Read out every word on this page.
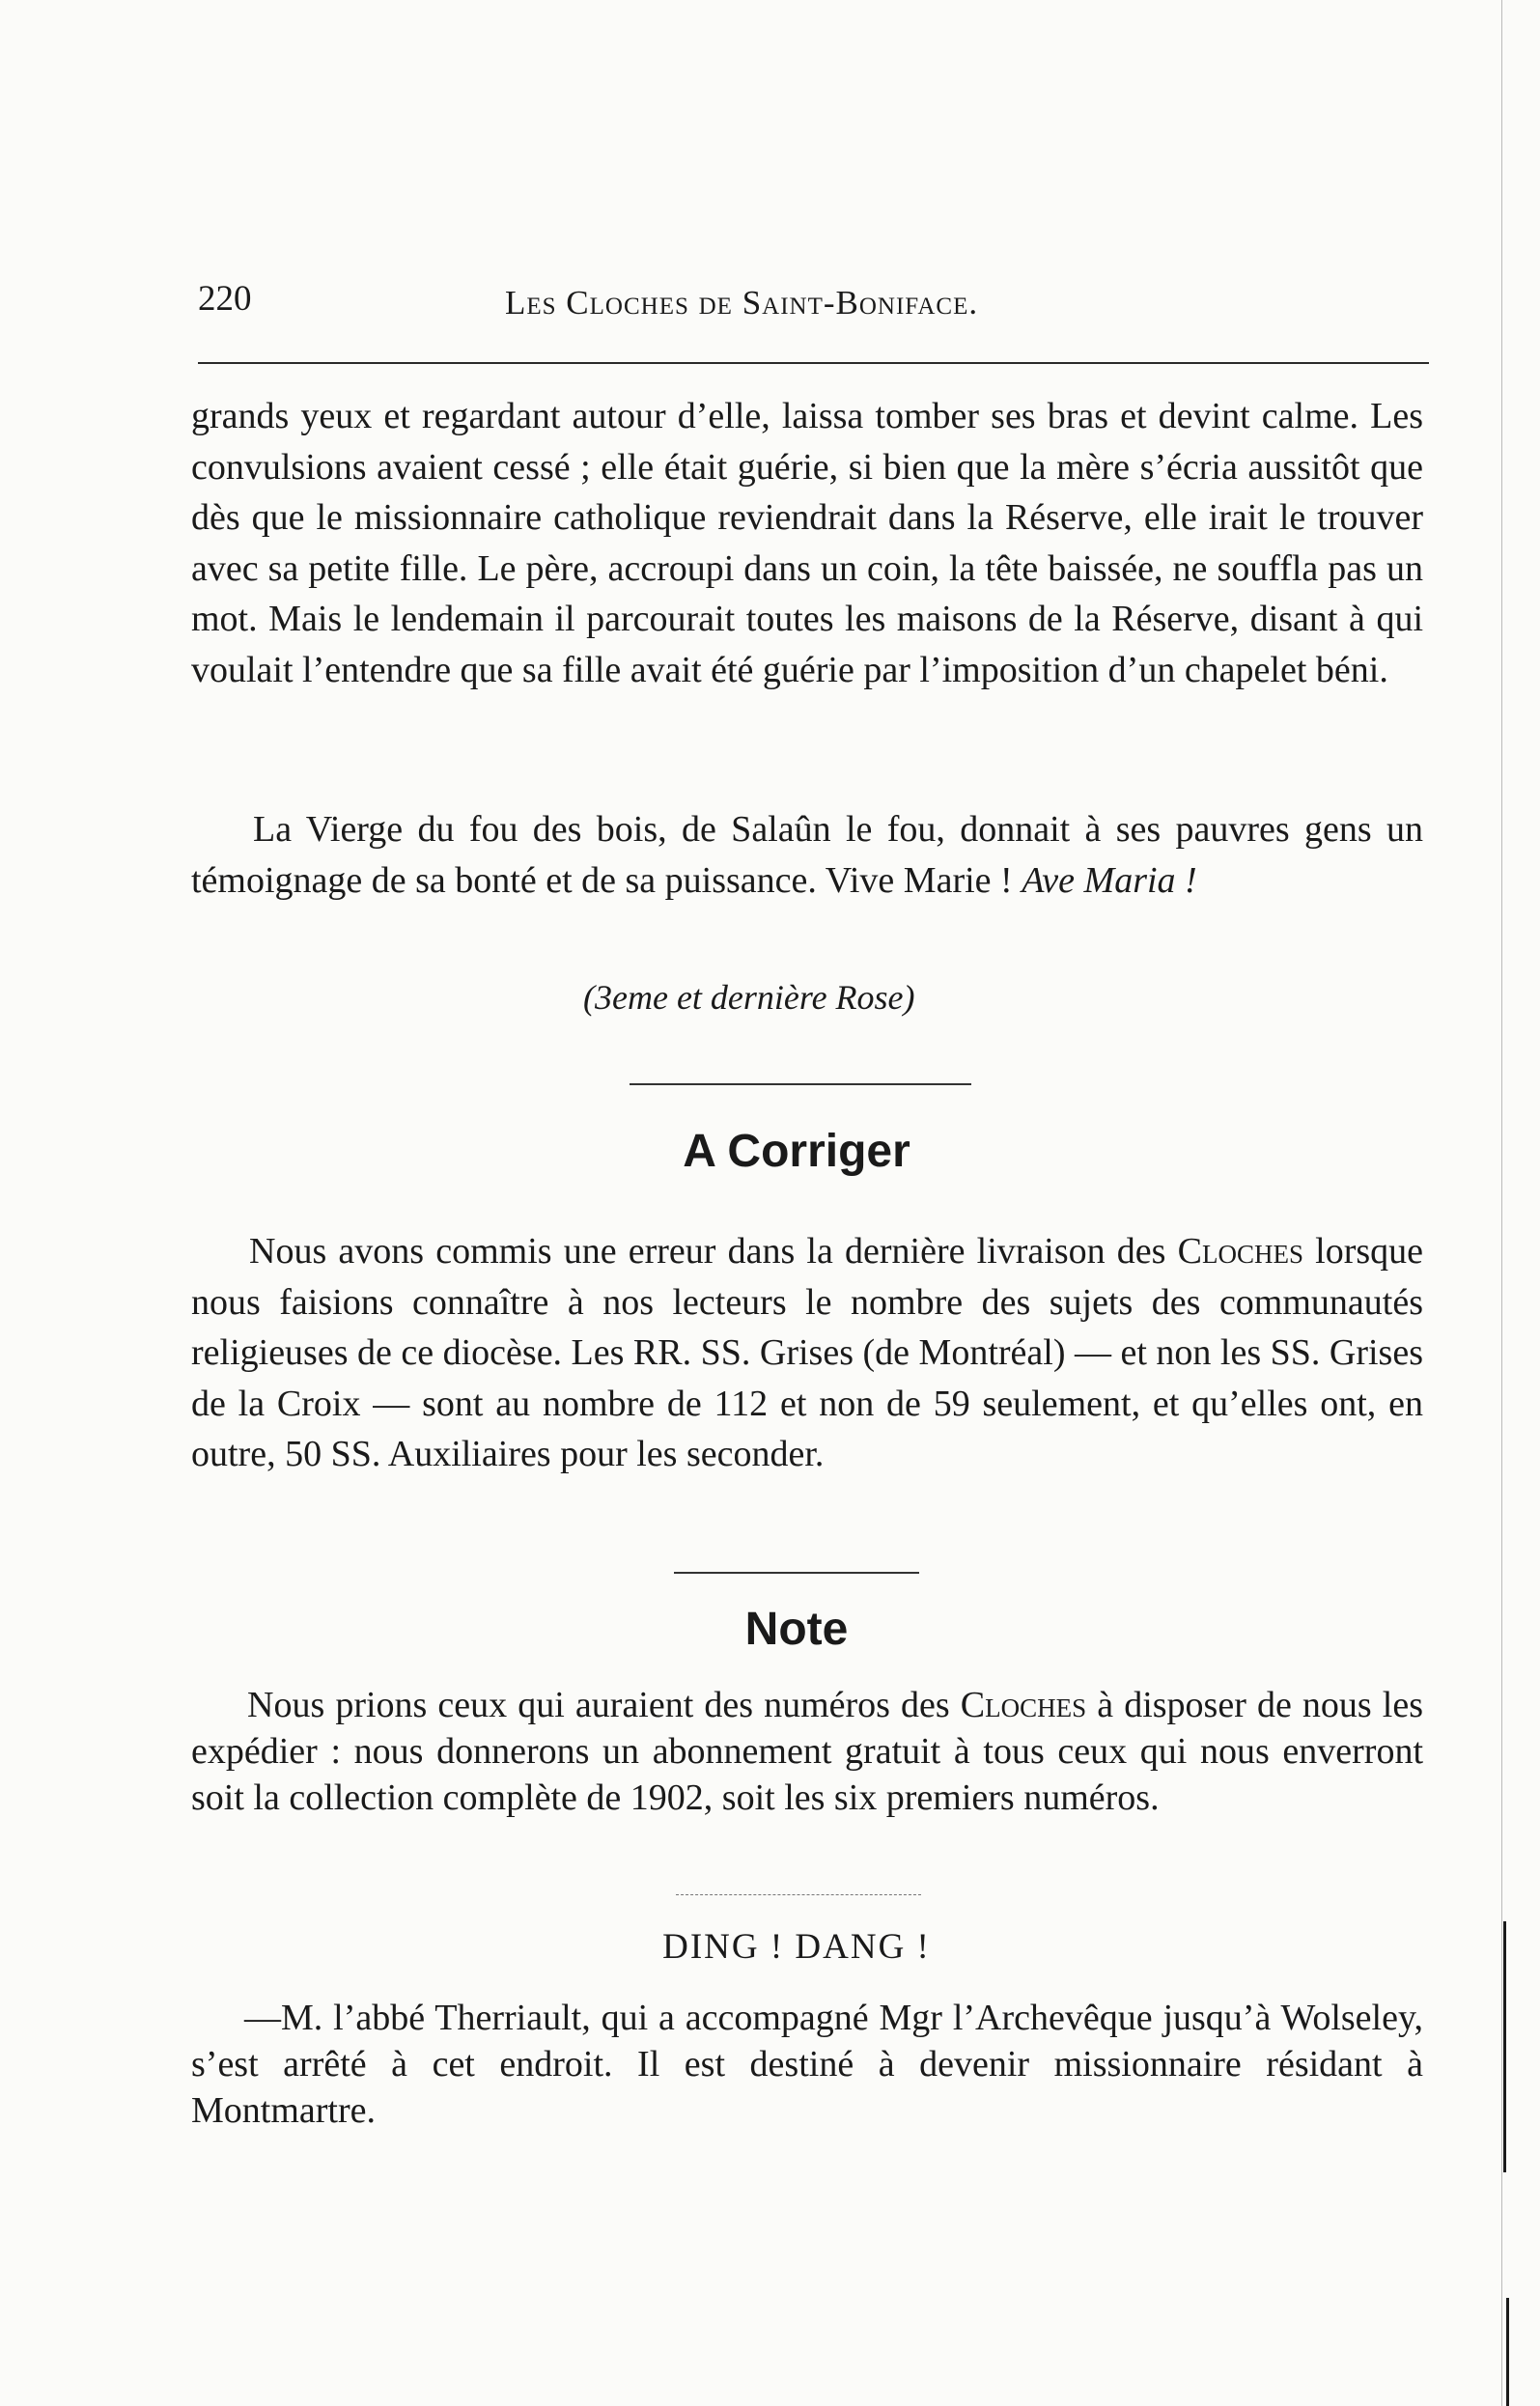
220	Les Cloches de Saint-Boniface.

grands yeux et regardant autour d’elle, laissa tomber ses bras et devint calme. Les convulsions avaient cessé ; elle était guérie, si bien que la mère s’écria aussitôt que dès que le missionnaire catholique reviendrait dans la Réserve, elle irait le trouver avec sa petite fille. Le père, accroupi dans un coin, la tête baissée, ne souffla pas un mot. Mais le lendemain il parcourait toutes les maisons de la Réserve, disant à qui voulait l’entendre que sa fille avait été guérie par l’imposition d’un chapelet béni.

La Vierge du fou des bois, de Salaûn le fou, donnait à ses pauvres gens un témoignage de sa bonté et de sa puissance. Vive Marie ! Ave Maria !

(3eme et dernière Rose)
A Corriger

Nous avons commis une erreur dans la dernière livraison des Cloches lorsque nous faisions connaître à nos lecteurs le nombre des sujets des communautés religieuses de ce diocèse. Les RR. SS. Grises (de Montréal) — et non les SS. Grises de la Croix — sont au nombre de 112 et non de 59 seulement, et qu’elles ont, en outre, 50 SS. Auxiliaires pour les seconder.

Note

Nous prions ceux qui auraient des numéros des Cloches à disposer de nous les expédier : nous donnerons un abonnement gratuit à tous ceux qui nous enverront soit la collection complète de 1902, soit les six premiers numéros.

DING ! DANG !

—M. l’abbé Therriault, qui a accompagné Mgr l’Archevêque jusqu’à Wolseley, s’est arrêté à cet endroit. Il est destiné à devenir missionnaire résidant à Montmartre.
